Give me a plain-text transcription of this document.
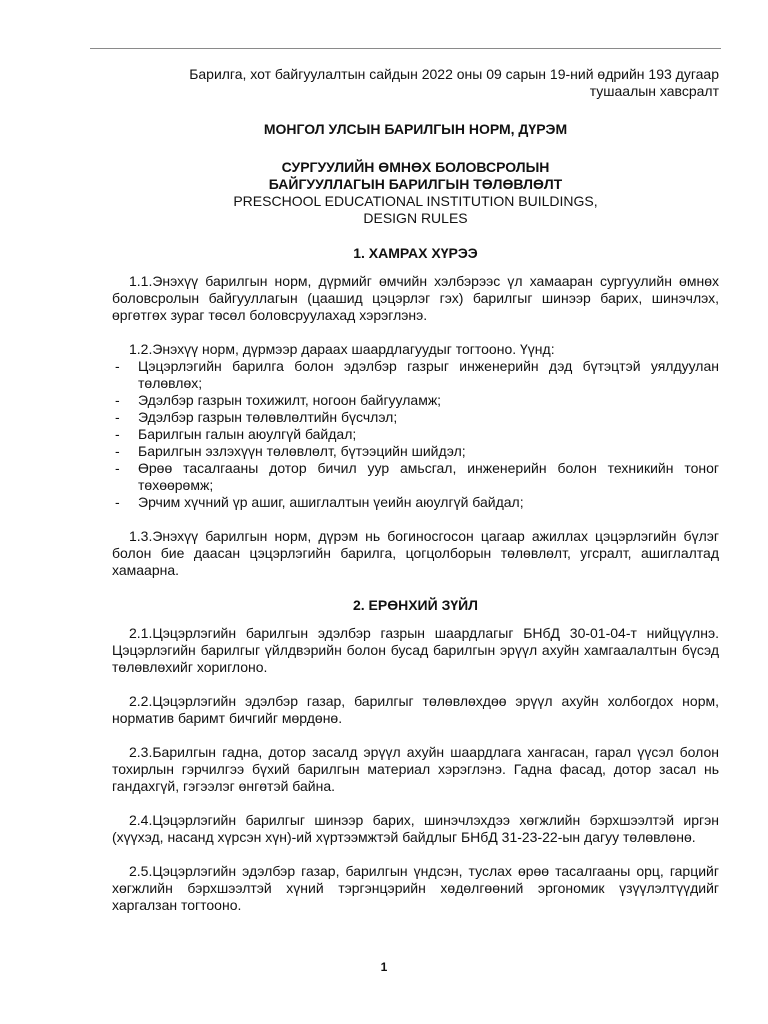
Барилга, хот байгуулалтын сайдын 2022 оны 09 сарын 19-ний өдрийн 193 дугаар

тушаалын хавсралт

МОНГОЛ УЛСЫН БАРИЛГЫН НОРМ, ДҮРЭМ

СУРГУУЛИЙН ӨМНӨХ БОЛОВСРОЛЫН

БАЙГУУЛЛАГЫН БАРИЛГЫН ТӨЛӨВЛӨЛТ

PRESCHOOL EDUCATIONAL INSTITUTION BUILDINGS,

DESIGN RULES

1. ХАМРАХ ХҮРЭЭ

1.1.Энэхүү барилгын норм, дүрмийг өмчийн хэлбэрээс үл хамааран сургуулийн өмнөх боловсролын байгууллагын (цаашид цэцэрлэг гэх) барилгыг шинээр барих, шинэчлэх, өргөтгөх зураг төсөл боловсруулахад хэрэглэнэ.

1.2.Энэхүү норм, дүрмээр дараах шаардлагуудыг тогтооно. Үүнд:

- Цэцэрлэгийн барилга болон эдэлбэр газрыг инженерийн дэд бүтэцтэй уялдуулан төлөвлөх;
- Эдэлбэр газрын тохижилт, ногоон байгууламж;
- Эдэлбэр газрын төлөвлөлтийн бүсчлэл;
- Барилгын галын аюулгүй байдал;
- Барилгын эзлэхүүн төлөвлөлт, бүтээцийн шийдэл;
- Өрөө тасалгааны дотор бичил уур амьсгал, инженерийн болон техникийн тоног төхөөрөмж;
- Эрчим хүчний үр ашиг, ашиглалтын үеийн аюулгүй байдал;

1.3.Энэхүү барилгын норм, дүрэм нь богиносгосон цагаар ажиллах цэцэрлэгийн бүлэг болон бие даасан цэцэрлэгийн барилга, цогцолборын төлөвлөлт, угсралт, ашиглалтад хамаарна.

2. ЕРӨНХИЙ ЗҮЙЛ

2.1.Цэцэрлэгийн барилгын эдэлбэр газрын шаардлагыг БНбД 30-01-04-т нийцүүлнэ. Цэцэрлэгийн барилгыг үйлдвэрийн болон бусад барилгын эрүүл ахуйн хамгаалалтын бүсэд төлөвлөхийг хориглоно.

2.2.Цэцэрлэгийн эдэлбэр газар, барилгыг төлөвлөхдөө эрүүл ахуйн холбогдох норм, норматив баримт бичгийг мөрдөнө.

2.3.Барилгын гадна, дотор засалд эрүүл ахуйн шаардлага хангасан, гарал үүсэл болон тохирлын гэрчилгээ бүхий барилгын материал хэрэглэнэ. Гадна фасад, дотор засал нь гандахгүй, гэгээлэг өнгөтэй байна.

2.4.Цэцэрлэгийн барилгыг шинээр барих, шинэчлэхдээ хөгжлийн бэрхшээлтэй иргэн (хүүхэд, насанд хүрсэн хүн)-ий хүртээмжтэй байдлыг БНбД 31-23-22-ын дагуу төлөвлөнө.

2.5.Цэцэрлэгийн эдэлбэр газар, барилгын үндсэн, туслах өрөө тасалгааны орц, гарцийг хөгжлийн бэрхшээлтэй хүний тэргэнцэрийн хөдөлгөөний эргономик үзүүлэлтүүдийг харгалзан тогтооно.

1
